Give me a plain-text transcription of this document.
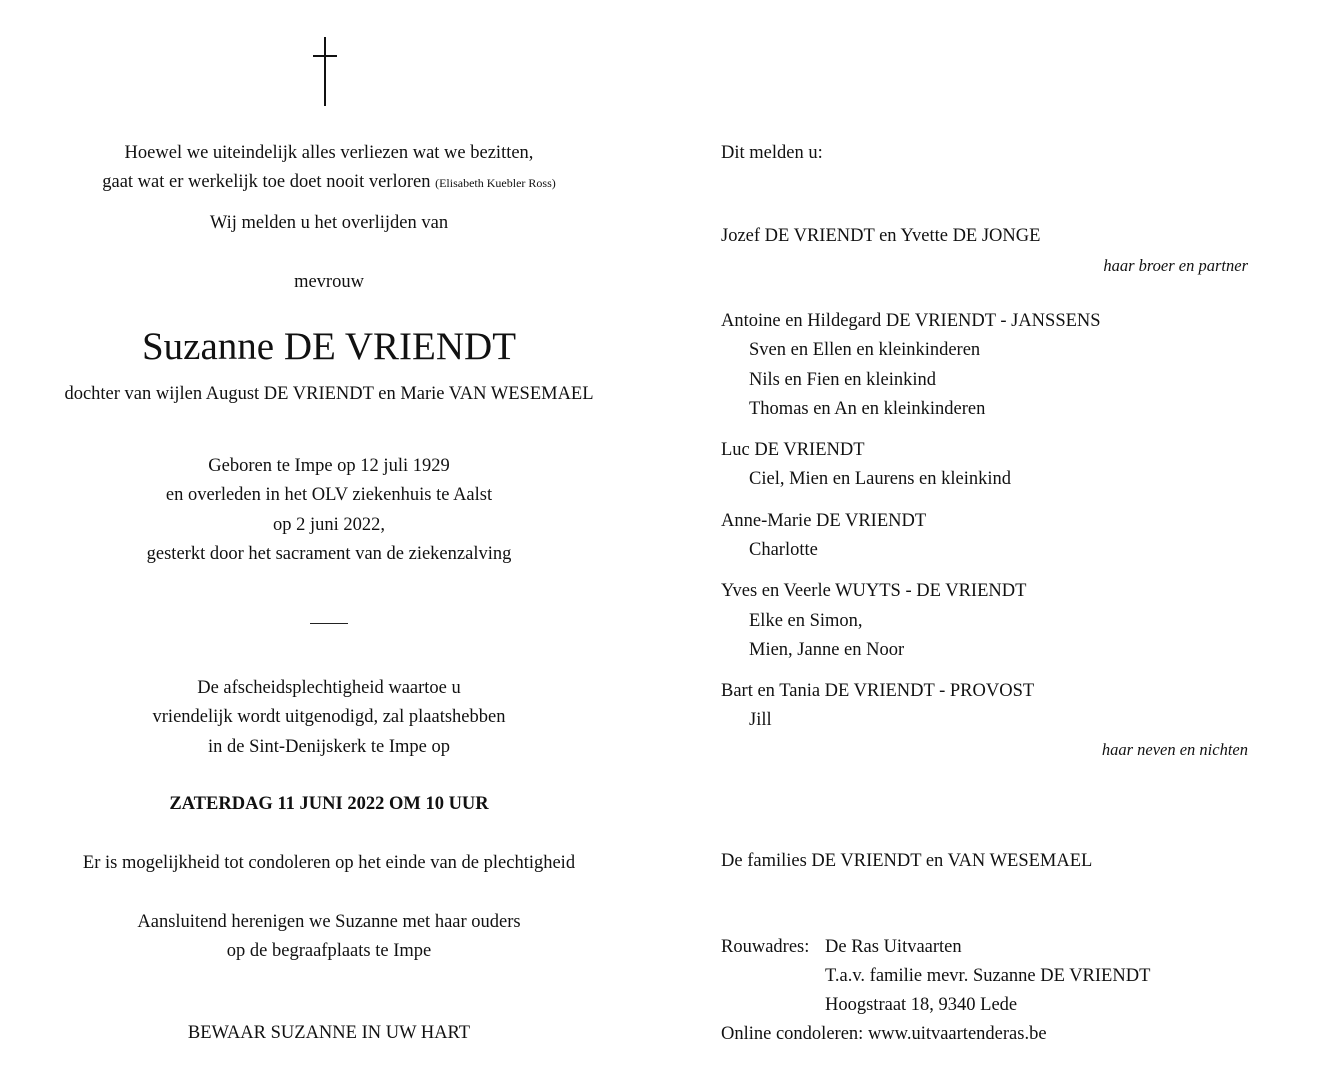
Hoewel we uiteindelijk alles verliezen wat we bezitten,
gaat wat er werkelijk toe doet nooit verloren (Elisabeth Kuebler Ross)
Wij melden u het overlijden van
mevrouw
Suzanne DE VRIENDT
dochter van wijlen August DE VRIENDT en Marie VAN WESEMAEL
Geboren te Impe op 12 juli 1929
en overleden in het OLV ziekenhuis te Aalst
op 2 juni 2022,
gesterkt door het sacrament van de ziekenzalving
De afscheidsplechtigheid waartoe u
vriendelijk wordt uitgenodigd, zal plaatshebben
in de Sint-Denijskerk te Impe op
ZATERDAG 11 JUNI 2022 OM 10 UUR
Er is mogelijkheid tot condoleren op het einde van de plechtigheid
Aansluitend herenigen we Suzanne met haar ouders
op de begraafplaats te Impe
BEWAAR SUZANNE IN UW HART
Dit melden u:
Jozef DE VRIENDT en Yvette DE JONGE
haar broer en partner
Antoine en Hildegard DE VRIENDT - JANSSENS
Sven en Ellen en kleinkinderen
Nils en Fien en kleinkind
Thomas en An en kleinkinderen
Luc DE VRIENDT
Ciel, Mien en Laurens en kleinkind
Anne-Marie DE VRIENDT
Charlotte
Yves en Veerle WUYTS - DE VRIENDT
Elke en Simon,
Mien, Janne en Noor
Bart en Tania DE VRIENDT - PROVOST
Jill
haar neven en nichten
De families DE VRIENDT en VAN WESEMAEL
Rouwadres: De Ras Uitvaarten
T.a.v. familie mevr. Suzanne DE VRIENDT
Hoogstraat 18, 9340 Lede
Online condoleren: www.uitvaartenderas.be
